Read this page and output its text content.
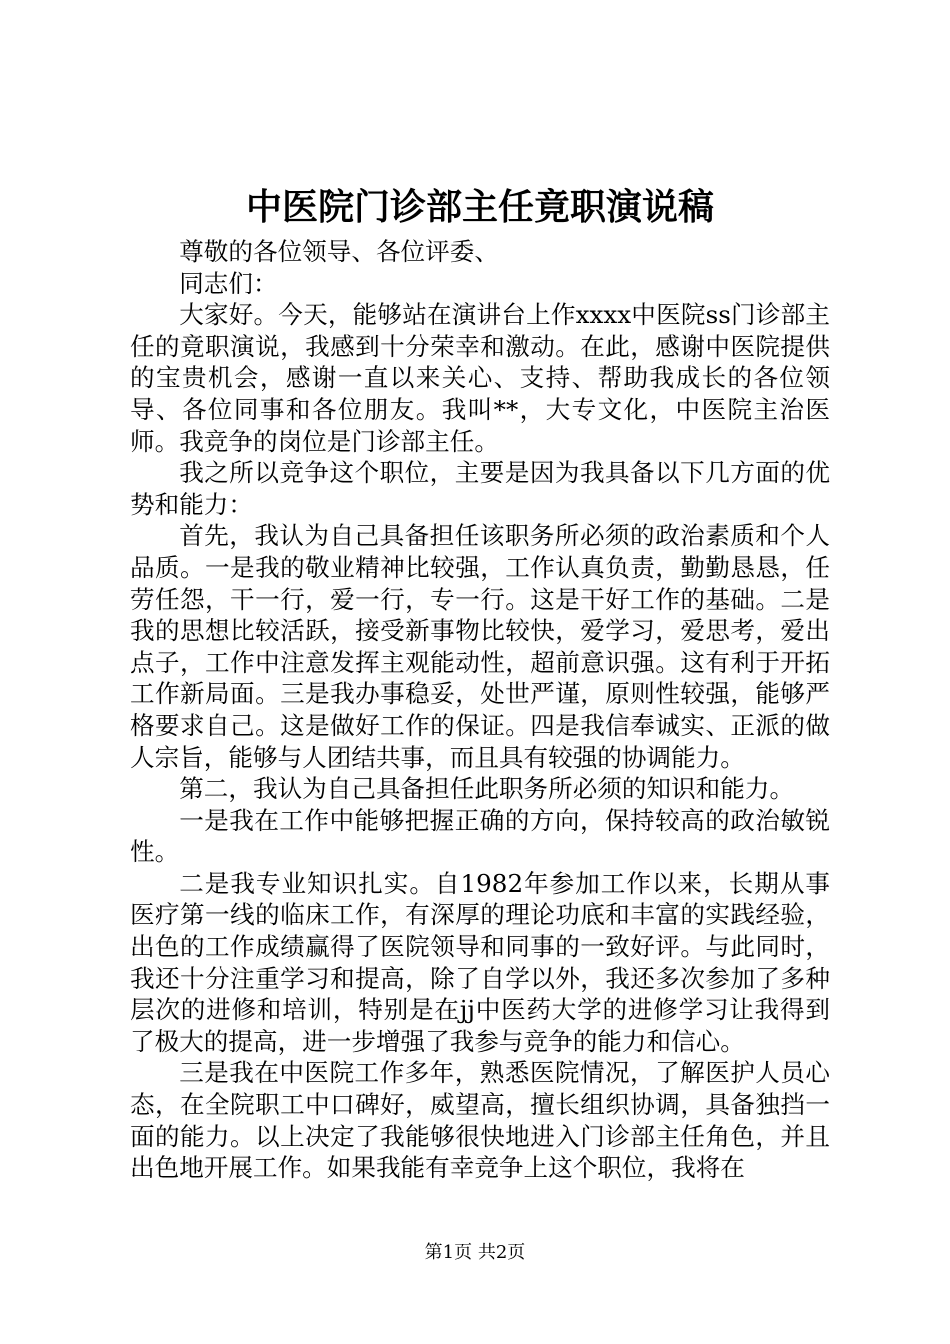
中医院门诊部主任竟职演说稿

尊敬的各位领导、各位评委、

同志们：

大家好。今天，能够站在演讲台上作xxxx中医院ss门诊部主任的竟职演说，我感到十分荣幸和激动。在此，感谢中医院提供的宝贵机会，感谢一直以来关心、支持、帮助我成长的各位领导、各位同事和各位朋友。我叫**，大专文化，中医院主治医师。我竞争的岗位是门诊部主任。

我之所以竞争这个职位，主要是因为我具备以下几方面的优势和能力：

首先，我认为自己具备担任该职务所必须的政治素质和个人品质。一是我的敬业精神比较强，工作认真负责，勤勤恳恳，任劳任怨，干一行，爱一行，专一行。这是干好工作的基础。二是我的思想比较活跃，接受新事物比较快，爱学习，爱思考，爱出点子，工作中注意发挥主观能动性，超前意识强。这有利于开拓工作新局面。三是我办事稳妥，处世严谨，原则性较强，能够严格要求自己。这是做好工作的保证。四是我信奉诚实、正派的做人宗旨，能够与人团结共事，而且具有较强的协调能力。

第二，我认为自己具备担任此职务所必须的知识和能力。

一是我在工作中能够把握正确的方向，保持较高的政治敏锐性。

二是我专业知识扎实。自1982年参加工作以来，长期从事医疗第一线的临床工作，有深厚的理论功底和丰富的实践经验，出色的工作成绩赢得了医院领导和同事的一致好评。与此同时，我还十分注重学习和提高，除了自学以外，我还多次参加了多种层次的进修和培训，特别是在jj中医药大学的进修学习让我得到了极大的提高，进一步增强了我参与竞争的能力和信心。

三是我在中医院工作多年，熟悉医院情况，了解医护人员心态，在全院职工中口碑好，威望高，擅长组织协调，具备独挡一面的能力。以上决定了我能够很快地进入门诊部主任角色，并且出色地开展工作。如果我能有幸竞争上这个职位，我将在

第1页 共2页
